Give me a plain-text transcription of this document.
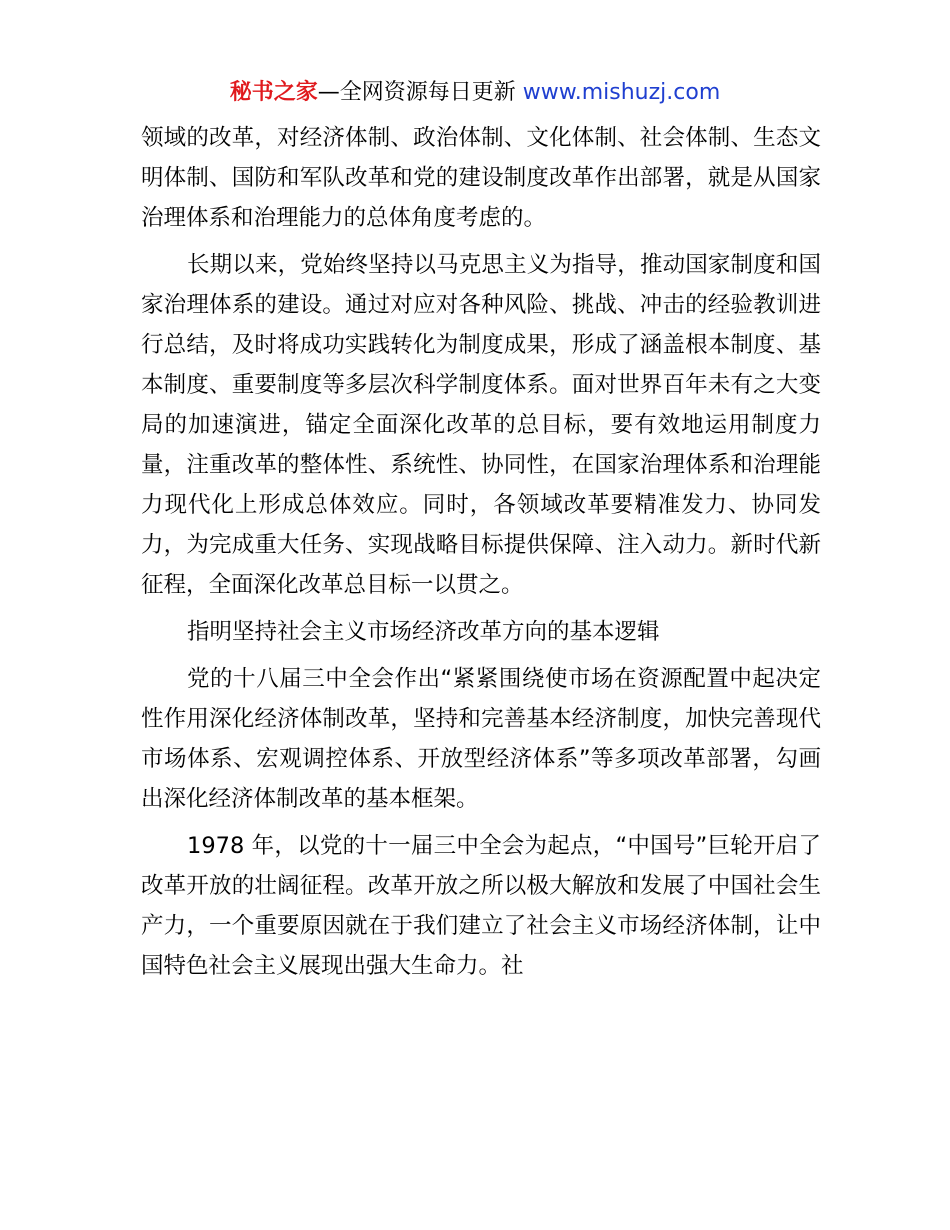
秘书之家—全网资源每日更新 www.mishuzj.com

领域的改革，对经济体制、政治体制、文化体制、社会体制、生态文明体制、国防和军队改革和党的建设制度改革作出部署，就是从国家治理体系和治理能力的总体角度考虑的。

长期以来，党始终坚持以马克思主义为指导，推动国家制度和国家治理体系的建设。通过对应对各种风险、挑战、冲击的经验教训进行总结，及时将成功实践转化为制度成果，形成了涵盖根本制度、基本制度、重要制度等多层次科学制度体系。面对世界百年未有之大变局的加速演进，锚定全面深化改革的总目标，要有效地运用制度力量，注重改革的整体性、系统性、协同性，在国家治理体系和治理能力现代化上形成总体效应。同时，各领域改革要精准发力、协同发力，为完成重大任务、实现战略目标提供保障、注入动力。新时代新征程，全面深化改革总目标一以贯之。

指明坚持社会主义市场经济改革方向的基本逻辑

党的十八届三中全会作出“紧紧围绕使市场在资源配置中起决定性作用深化经济体制改革，坚持和完善基本经济制度，加快完善现代市场体系、宏观调控体系、开放型经济体系”等多项改革部署，勾画出深化经济体制改革的基本框架。

1978 年，以党的十一届三中全会为起点，“中国号”巨轮开启了改革开放的壮阔征程。改革开放之所以极大解放和发展了中国社会生产力，一个重要原因就在于我们建立了社会主义市场经济体制，让中国特色社会主义展现出强大生命力。社
